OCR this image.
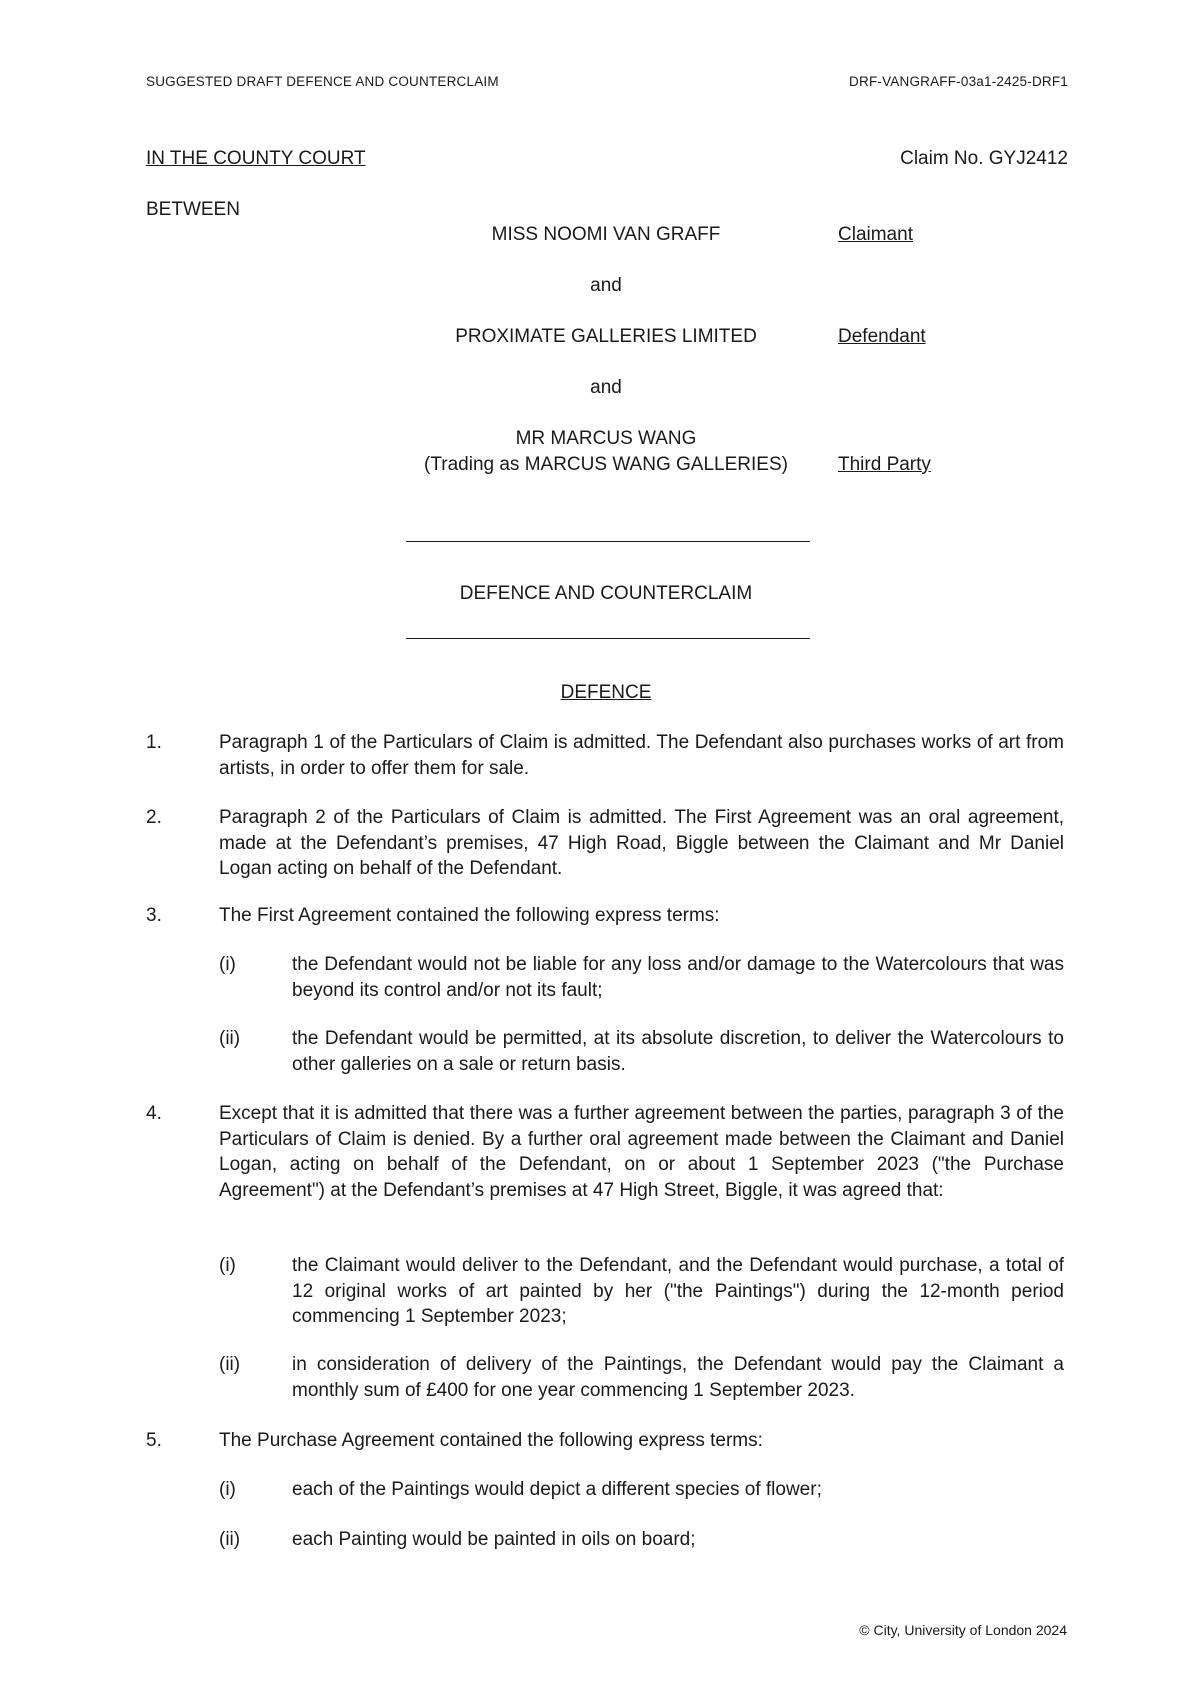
SUGGESTED DRAFT DEFENCE AND COUNTERCLAIM	DRF-VANGRAFF-03a1-2425-DRF1
IN THE COUNTY COURT	Claim No. GYJ2412
BETWEEN
MISS NOOMI VAN GRAFF	Claimant
and
PROXIMATE GALLERIES LIMITED	Defendant
and
MR MARCUS WANG
(Trading as MARCUS WANG GALLERIES)	Third Party
DEFENCE AND COUNTERCLAIM
DEFENCE
1.	Paragraph 1 of the Particulars of Claim is admitted. The Defendant also purchases works of art from artists, in order to offer them for sale.
2.	Paragraph 2 of the Particulars of Claim is admitted. The First Agreement was an oral agreement, made at the Defendant’s premises, 47 High Road, Biggle between the Claimant and Mr Daniel Logan acting on behalf of the Defendant.
3.	The First Agreement contained the following express terms:
(i)	the Defendant would not be liable for any loss and/or damage to the Watercolours that was beyond its control and/or not its fault;
(ii)	the Defendant would be permitted, at its absolute discretion, to deliver the Watercolours to other galleries on a sale or return basis.
4.	Except that it is admitted that there was a further agreement between the parties, paragraph 3 of the Particulars of Claim is denied. By a further oral agreement made between the Claimant and Daniel Logan, acting on behalf of the Defendant, on or about 1 September 2023 ("the Purchase Agreement") at the Defendant’s premises at 47 High Street, Biggle, it was agreed that:
(i)	the Claimant would deliver to the Defendant, and the Defendant would purchase, a total of 12 original works of art painted by her ("the Paintings") during the 12-month period commencing 1 September 2023;
(ii)	in consideration of delivery of the Paintings, the Defendant would pay the Claimant a monthly sum of £400 for one year commencing 1 September 2023.
5.	The Purchase Agreement contained the following express terms:
(i)	each of the Paintings would depict a different species of flower;
(ii)	each Painting would be painted in oils on board;
© City, University of London 2024
